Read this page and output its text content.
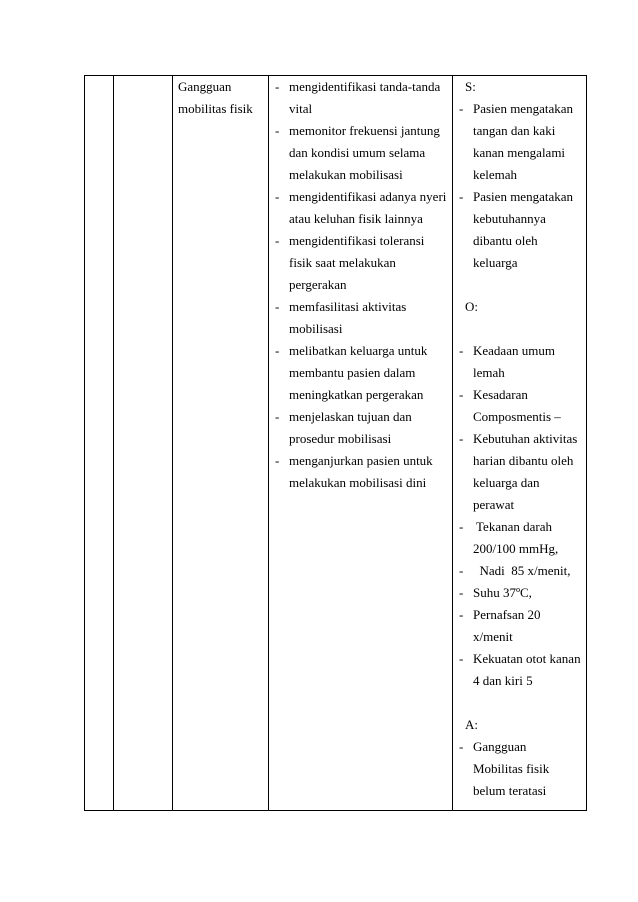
Gangguan
mobilitas fisik
- mengidentifikasi tanda-tanda
vital
- memonitor frekuensi jantung
dan kondisi umum selama
melakukan mobilisasi
- mengidentifikasi adanya nyeri
atau keluhan fisik lainnya
- mengidentifikasi toleransi
fisik saat melakukan
pergerakan
- memfasilitasi aktivitas
mobilisasi
- melibatkan keluarga untuk
membantu pasien dalam
meningkatkan pergerakan
- menjelaskan tujuan dan
prosedur mobilisasi
- menganjurkan pasien untuk
melakukan mobilisasi dini
S:
- Pasien mengatakan
tangan dan kaki
kanan mengalami
kelemah
- Pasien mengatakan
kebutuhannya
dibantu oleh
keluarga
O:
- Keadaan umum
lemah
- Kesadaran
Composmentis –
- Kebutuhan aktivitas
harian dibantu oleh
keluarga dan
perawat
- Tekanan darah
200/100 mmHg,
- Nadi  85 x/menit,
- Suhu 37ºC,
- Pernafsan 20
x/menit
- Kekuatan otot kanan
4 dan kiri 5
A:
- Gangguan
Mobilitas fisik
belum teratasi
